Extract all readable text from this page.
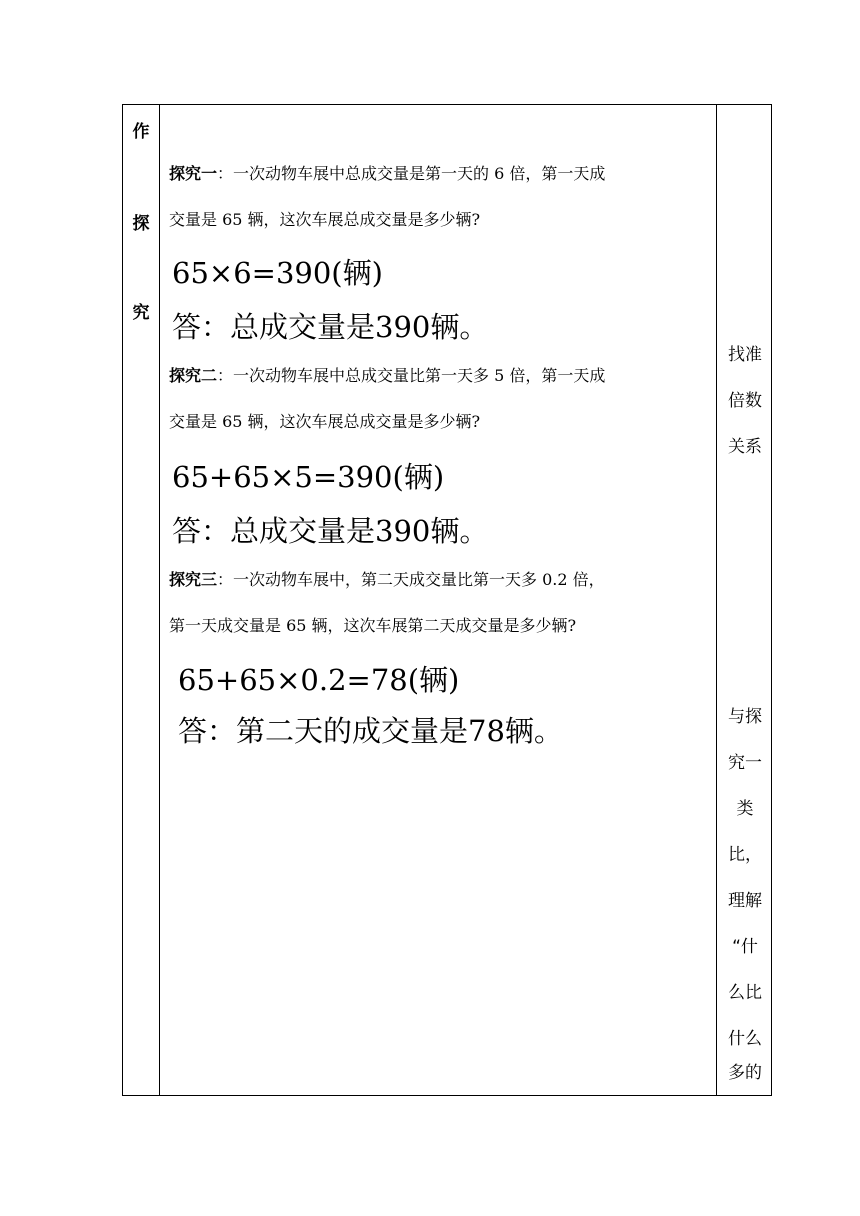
作
探
究
探究一：一次动物车展中总成交量是第一天的 6 倍，第一天成
交量是 65 辆，这次车展总成交量是多少辆?
65×6=390(辆)
答：总成交量是390辆。
探究二：一次动物车展中总成交量比第一天多 5 倍，第一天成
交量是 65 辆，这次车展总成交量是多少辆?
65+65×5=390(辆)
答：总成交量是390辆。
探究三：一次动物车展中，第二天成交量比第一天多 0.2 倍，
第一天成交量是 65 辆，这次车展第二天成交量是多少辆?
65+65×0.2=78(辆)
答：第二天的成交量是78辆。
找准
倍数
关系
与探
究一
类
比，
理解
“什
么比
什么
多的
